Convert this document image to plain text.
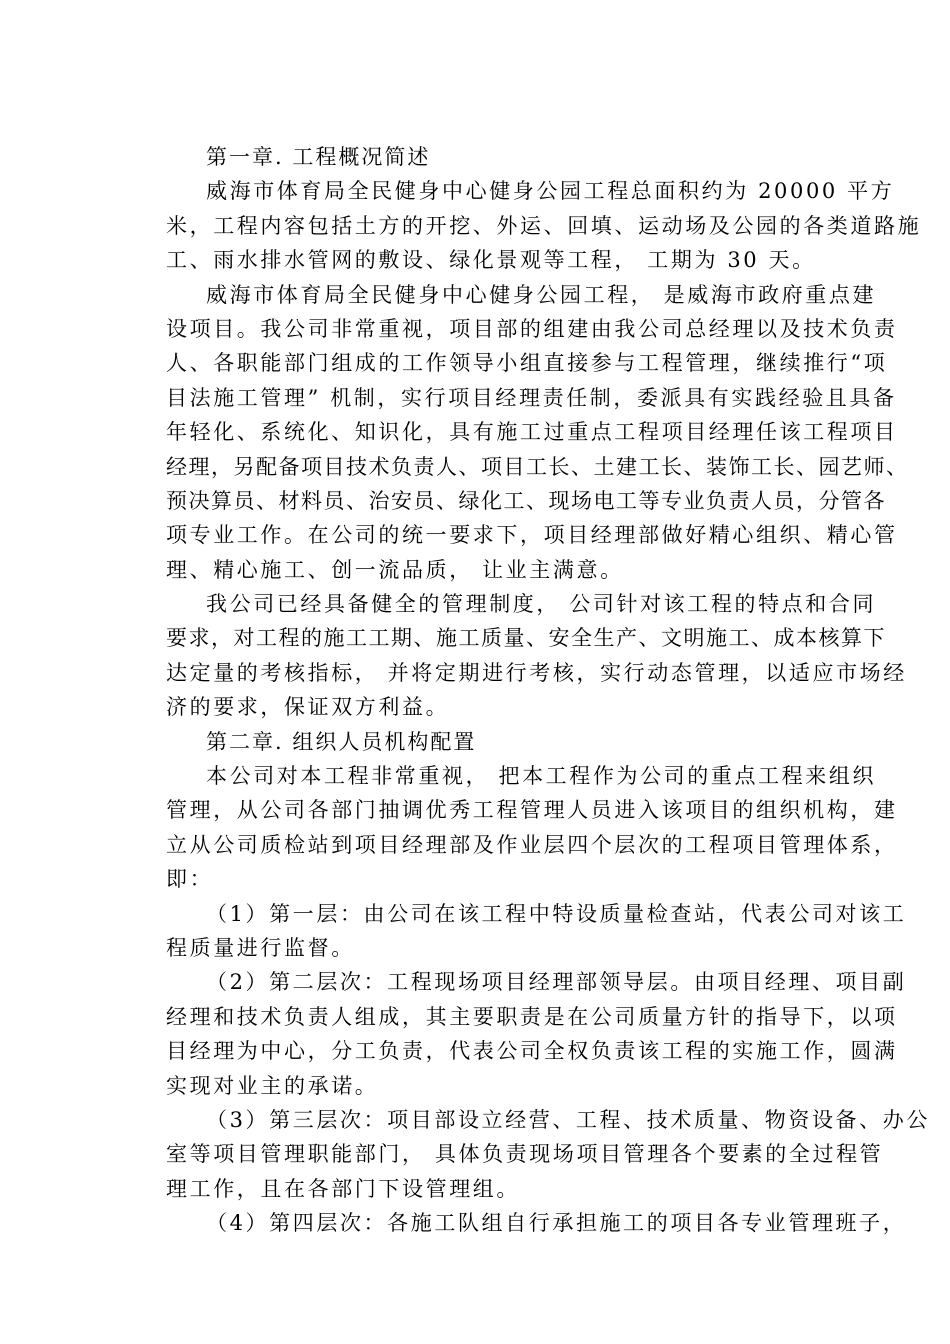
第一章. 工程概况简述
威海市体育局全民健身中心健身公园工程总面积约为 20000 平方
米，工程内容包括土方的开挖、外运、回填、运动场及公园的各类道路施
工、雨水排水管网的敷设、绿化景观等工程， 工期为 30 天。
威海市体育局全民健身中心健身公园工程， 是威海市政府重点建
设项目。我公司非常重视，项目部的组建由我公司总经理以及技术负责
人、各职能部门组成的工作领导小组直接参与工程管理，继续推行“项
目法施工管理” 机制，实行项目经理责任制，委派具有实践经验且具备
年轻化、系统化、知识化，具有施工过重点工程项目经理任该工程项目
经理，另配备项目技术负责人、项目工长、土建工长、装饰工长、园艺师、
预决算员、材料员、治安员、绿化工、现场电工等专业负责人员，分管各
项专业工作。在公司的统一要求下，项目经理部做好精心组织、精心管
理、精心施工、创一流品质， 让业主满意。
我公司已经具备健全的管理制度， 公司针对该工程的特点和合同
要求，对工程的施工工期、施工质量、安全生产、文明施工、成本核算下
达定量的考核指标， 并将定期进行考核，实行动态管理，以适应市场经
济的要求，保证双方利益。
第二章. 组织人员机构配置
本公司对本工程非常重视， 把本工程作为公司的重点工程来组织
管理，从公司各部门抽调优秀工程管理人员进入该项目的组织机构，建
立从公司质检站到项目经理部及作业层四个层次的工程项目管理体系，
即：
（1）第一层：由公司在该工程中特设质量检查站，代表公司对该工
程质量进行监督。
（2）第二层次：工程现场项目经理部领导层。由项目经理、项目副
经理和技术负责人组成，其主要职责是在公司质量方针的指导下，以项
目经理为中心，分工负责，代表公司全权负责该工程的实施工作，圆满
实现对业主的承诺。
（3）第三层次：项目部设立经营、工程、技术质量、物资设备、办公
室等项目管理职能部门， 具体负责现场项目管理各个要素的全过程管
理工作，且在各部门下设管理组。
（4）第四层次：各施工队组自行承担施工的项目各专业管理班子，
